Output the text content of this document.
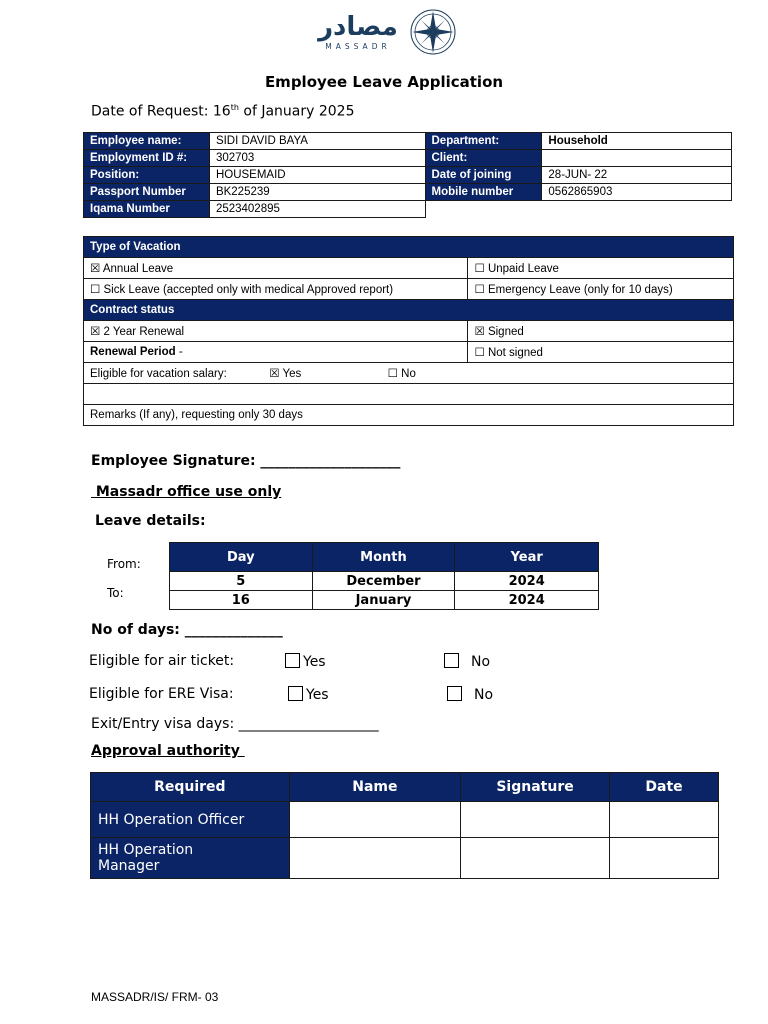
مصادر
MASSADR
Employee Leave Application
Date of Request: 16th of January 2025
Employee name:	SIDI DAVID BAYA	Department:	Household
Employment ID #:	302703	Client:	
Position:	HOUSEMAID	Date of joining	28-JUN- 22
Passport Number	BK225239	Mobile number	0562865903
Iqama Number	2523402895		
Type of Vacation	
☒ Annual Leave	☐ Unpaid Leave
☐ Sick Leave (accepted only with medical Approved report)	☐ Emergency Leave (only for 10 days)
Contract status	
☒ 2 Year Renewal	☒ Signed
Renewal Period -	☐ Not signed
Eligible for vacation salary: ☒ Yes ☐ No	

Remarks (If any), requesting only 30 days	
Employee Signature: ____________________
Massadr office use only
Leave details:
From:
To:
Day	Month	Year
5	December	2024
16	January	2024
No of days: ______________
Eligible for air ticket:	Yes	No
Eligible for ERE Visa:	Yes	No
Exit/Entry visa days: ____________________
Approval authority
Required	Name	Signature	Date
HH Operation Officer			
HH Operation Manager			
MASSADR/IS/ FRM- 03
